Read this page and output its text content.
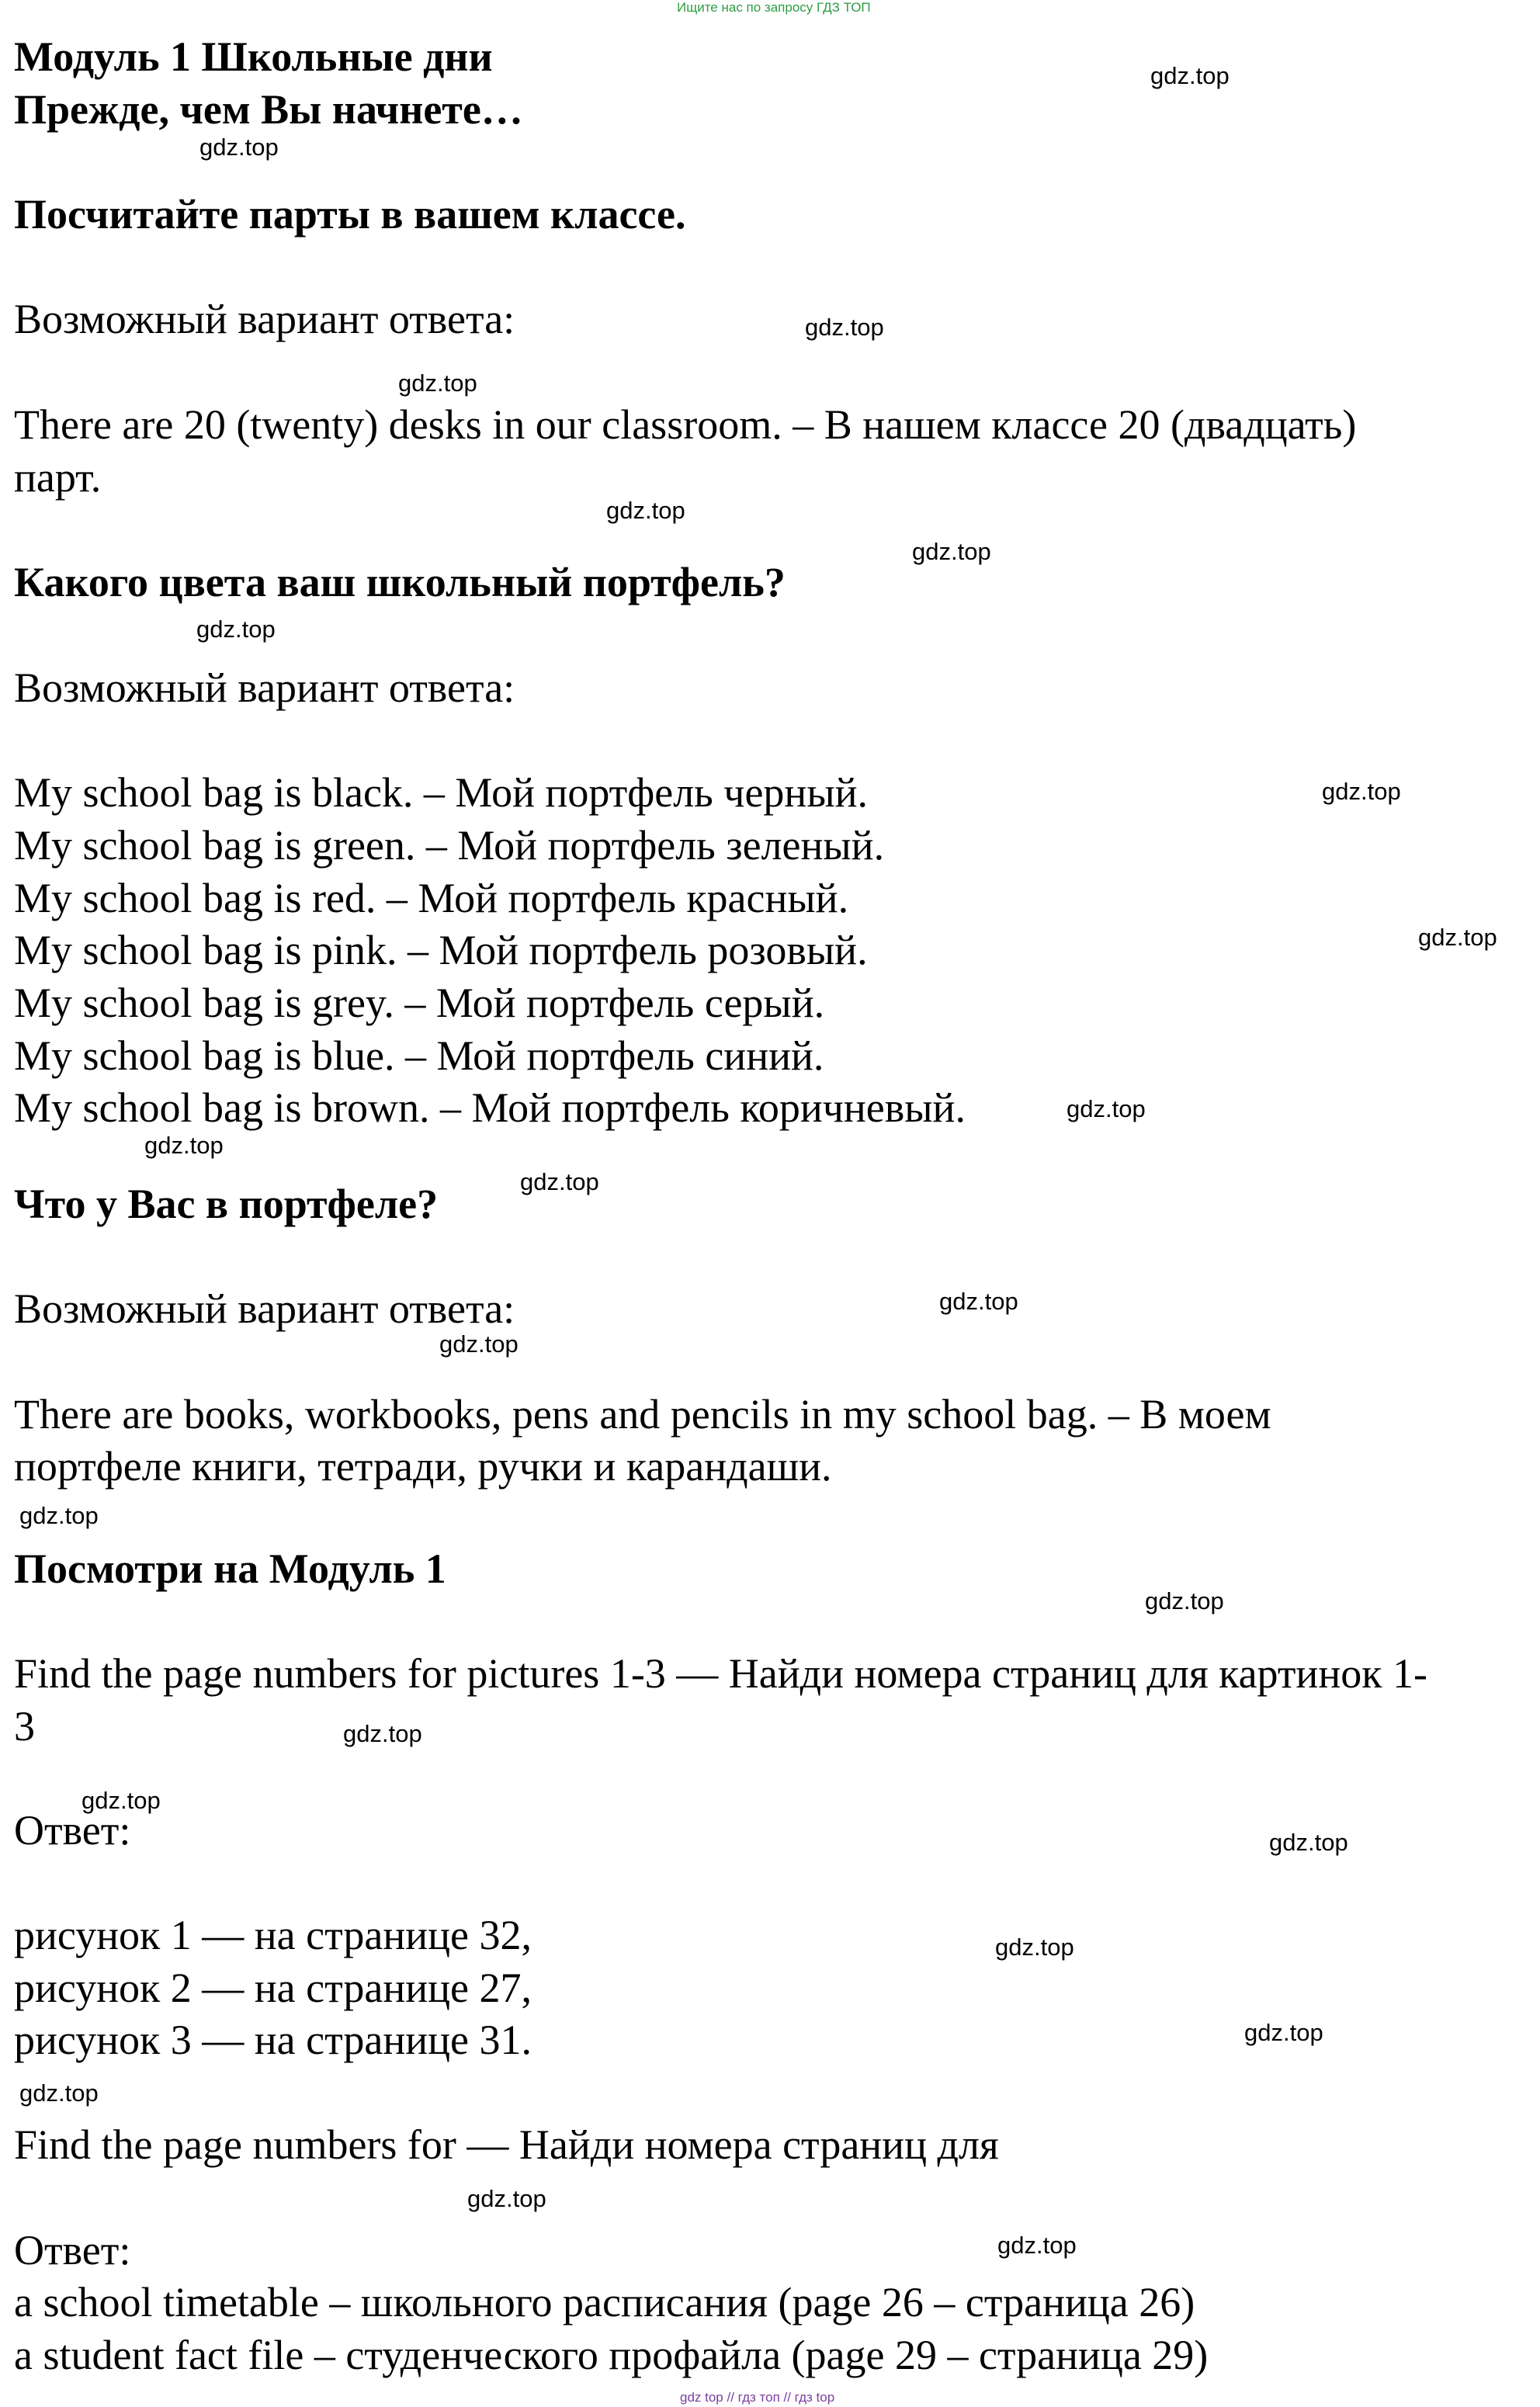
Ищите нас по запросу ГДЗ ТОП
Модуль 1 Школьные дни
Прежде, чем Вы начнете…
Посчитайте парты в вашем классе.
Возможный вариант ответа:
There are 20 (twenty) desks in our classroom. – В нашем классе 20 (двадцать)
парт.
Какого цвета ваш школьный портфель?
Возможный вариант ответа:
My school bag is black. – Мой портфель черный.
My school bag is green. – Мой портфель зеленый.
My school bag is red. – Мой портфель красный.
My school bag is pink. – Мой портфель розовый.
My school bag is grey. – Мой портфель серый.
My school bag is blue. – Мой портфель синий.
My school bag is brown. – Мой портфель коричневый.
Что у Вас в портфеле?
Возможный вариант ответа:
There are books, workbooks, pens and pencils in my school bag. – В моем
портфеле книги, тетради, ручки и карандаши.
Посмотри на Модуль 1
Find the page numbers for pictures 1-3 — Найди номера страниц для картинок 1-
3
Ответ:
рисунок 1 — на странице 32,
рисунок 2 — на странице 27,
рисунок 3 — на странице 31.
Find the page numbers for — Найди номера страниц для
Ответ:
a school timetable – школьного расписания (page 26 – страница 26)
a student fact file – студенческого профайла (page 29 – страница 29)
gdz.top
gdz.top
gdz.top
gdz.top
gdz.top
gdz.top
gdz.top
gdz.top
gdz.top
gdz.top
gdz.top
gdz.top
gdz.top
gdz.top
gdz.top
gdz.top
gdz.top
gdz.top
gdz.top
gdz.top
gdz.top
gdz.top
gdz.top
gdz.top
gdz top // гдз топ // гдз top
